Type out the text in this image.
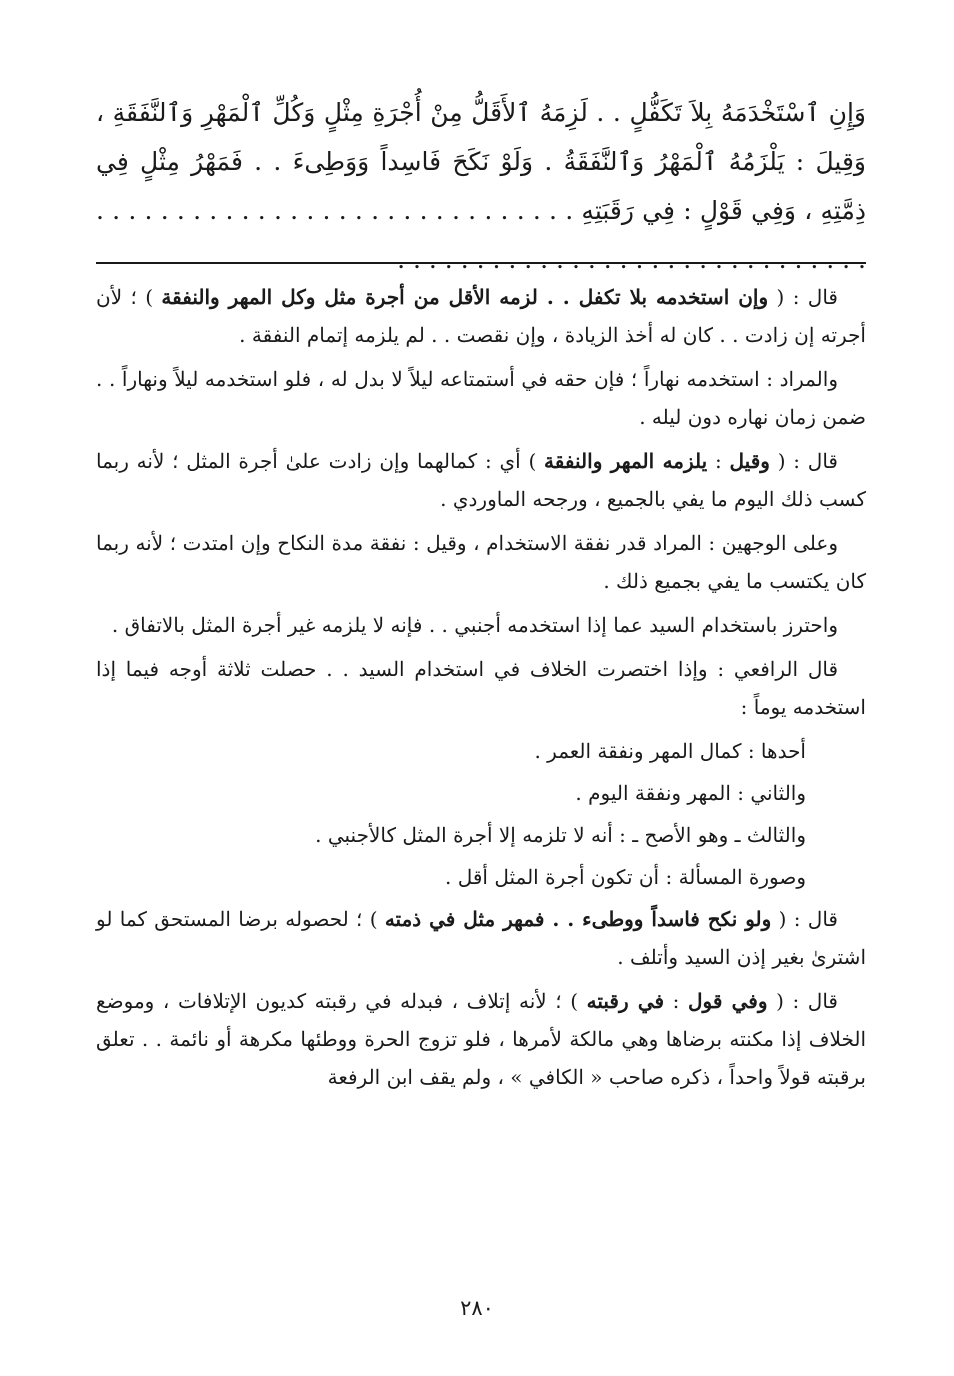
وَإِنِ ٱسْتَخْدَمَهُ بِلاَ تَكَفُّلٍ . . لَزِمَهُ ٱلأَقَلُّ مِنْ أُجْرَةِ مِثْلٍ وَكُلِّ ٱلْمَهْرِ وَٱلنَّفَقَةِ ، وَقِيلَ : يَلْزَمُهُ ٱلْمَهْرُ وَٱلنَّفَقَةُ . وَلَوْ نَكَحَ فَاسِداً وَوَطِىءَ . . فَمَهْرُ مِثْلٍ فِي ذِمَّتِهِ ، وَفِي قَوْلٍ : فِي رَقَبَتِهِ . . . . . . . . . . . . . . . . . . . . . . . . . . . . . . . . . . . . . . . . . . . . . . . . . . . . . . . . . . . .

قال : ( وإن استخدمه بلا تكفل . . لزمه الأقل من أجرة مثل وكل المهر والنفقة ) ؛ لأن أجرته إن زادت . . كان له أخذ الزيادة ، وإن نقصت . . لم يلزمه إتمام النفقة .

والمراد : استخدمه نهاراً ؛ فإن حقه في أستمتاعه ليلاً لا بدل له ، فلو استخدمه ليلاً ونهاراً . . ضمن زمان نهاره دون ليله .

قال : ( وقيل : يلزمه المهر والنفقة ) أي : كمالهما وإن زادت علىٰ أجرة المثل ؛ لأنه ربما كسب ذلك اليوم ما يفي بالجميع ، ورجحه الماوردي .

وعلى الوجهين : المراد قدر نفقة الاستخدام ، وقيل : نفقة مدة النكاح وإن امتدت ؛ لأنه ربما كان يكتسب ما يفي بجميع ذلك .

واحترز باستخدام السيد عما إذا استخدمه أجنبي . . فإنه لا يلزمه غير أجرة المثل بالاتفاق .

قال الرافعي : وإذا اختصرت الخلاف في استخدام السيد . . حصلت ثلاثة أوجه فيما إذا استخدمه يوماً :

أحدها : كمال المهر ونفقة العمر .

والثاني : المهر ونفقة اليوم .

والثالث ـ وهو الأصح ـ : أنه لا تلزمه إلا أجرة المثل كالأجنبي .

وصورة المسألة : أن تكون أجرة المثل أقل .

قال : ( ولو نكح فاسداً ووطىء . . فمهر مثل في ذمته ) ؛ لحصوله برضا المستحق كما لو اشترىٰ بغير إذن السيد وأتلف .

قال : ( وفي قول : في رقبته ) ؛ لأنه إتلاف ، فبدله في رقبته كديون الإتلافات ، وموضع الخلاف إذا مكنته برضاها وهي مالكة لأمرها ، فلو تزوج الحرة ووطئها مكرهة أو نائمة . . تعلق برقبته قولاً واحداً ، ذكره صاحب « الكافي » ، ولم يقف ابن الرفعة

٢٨٠
